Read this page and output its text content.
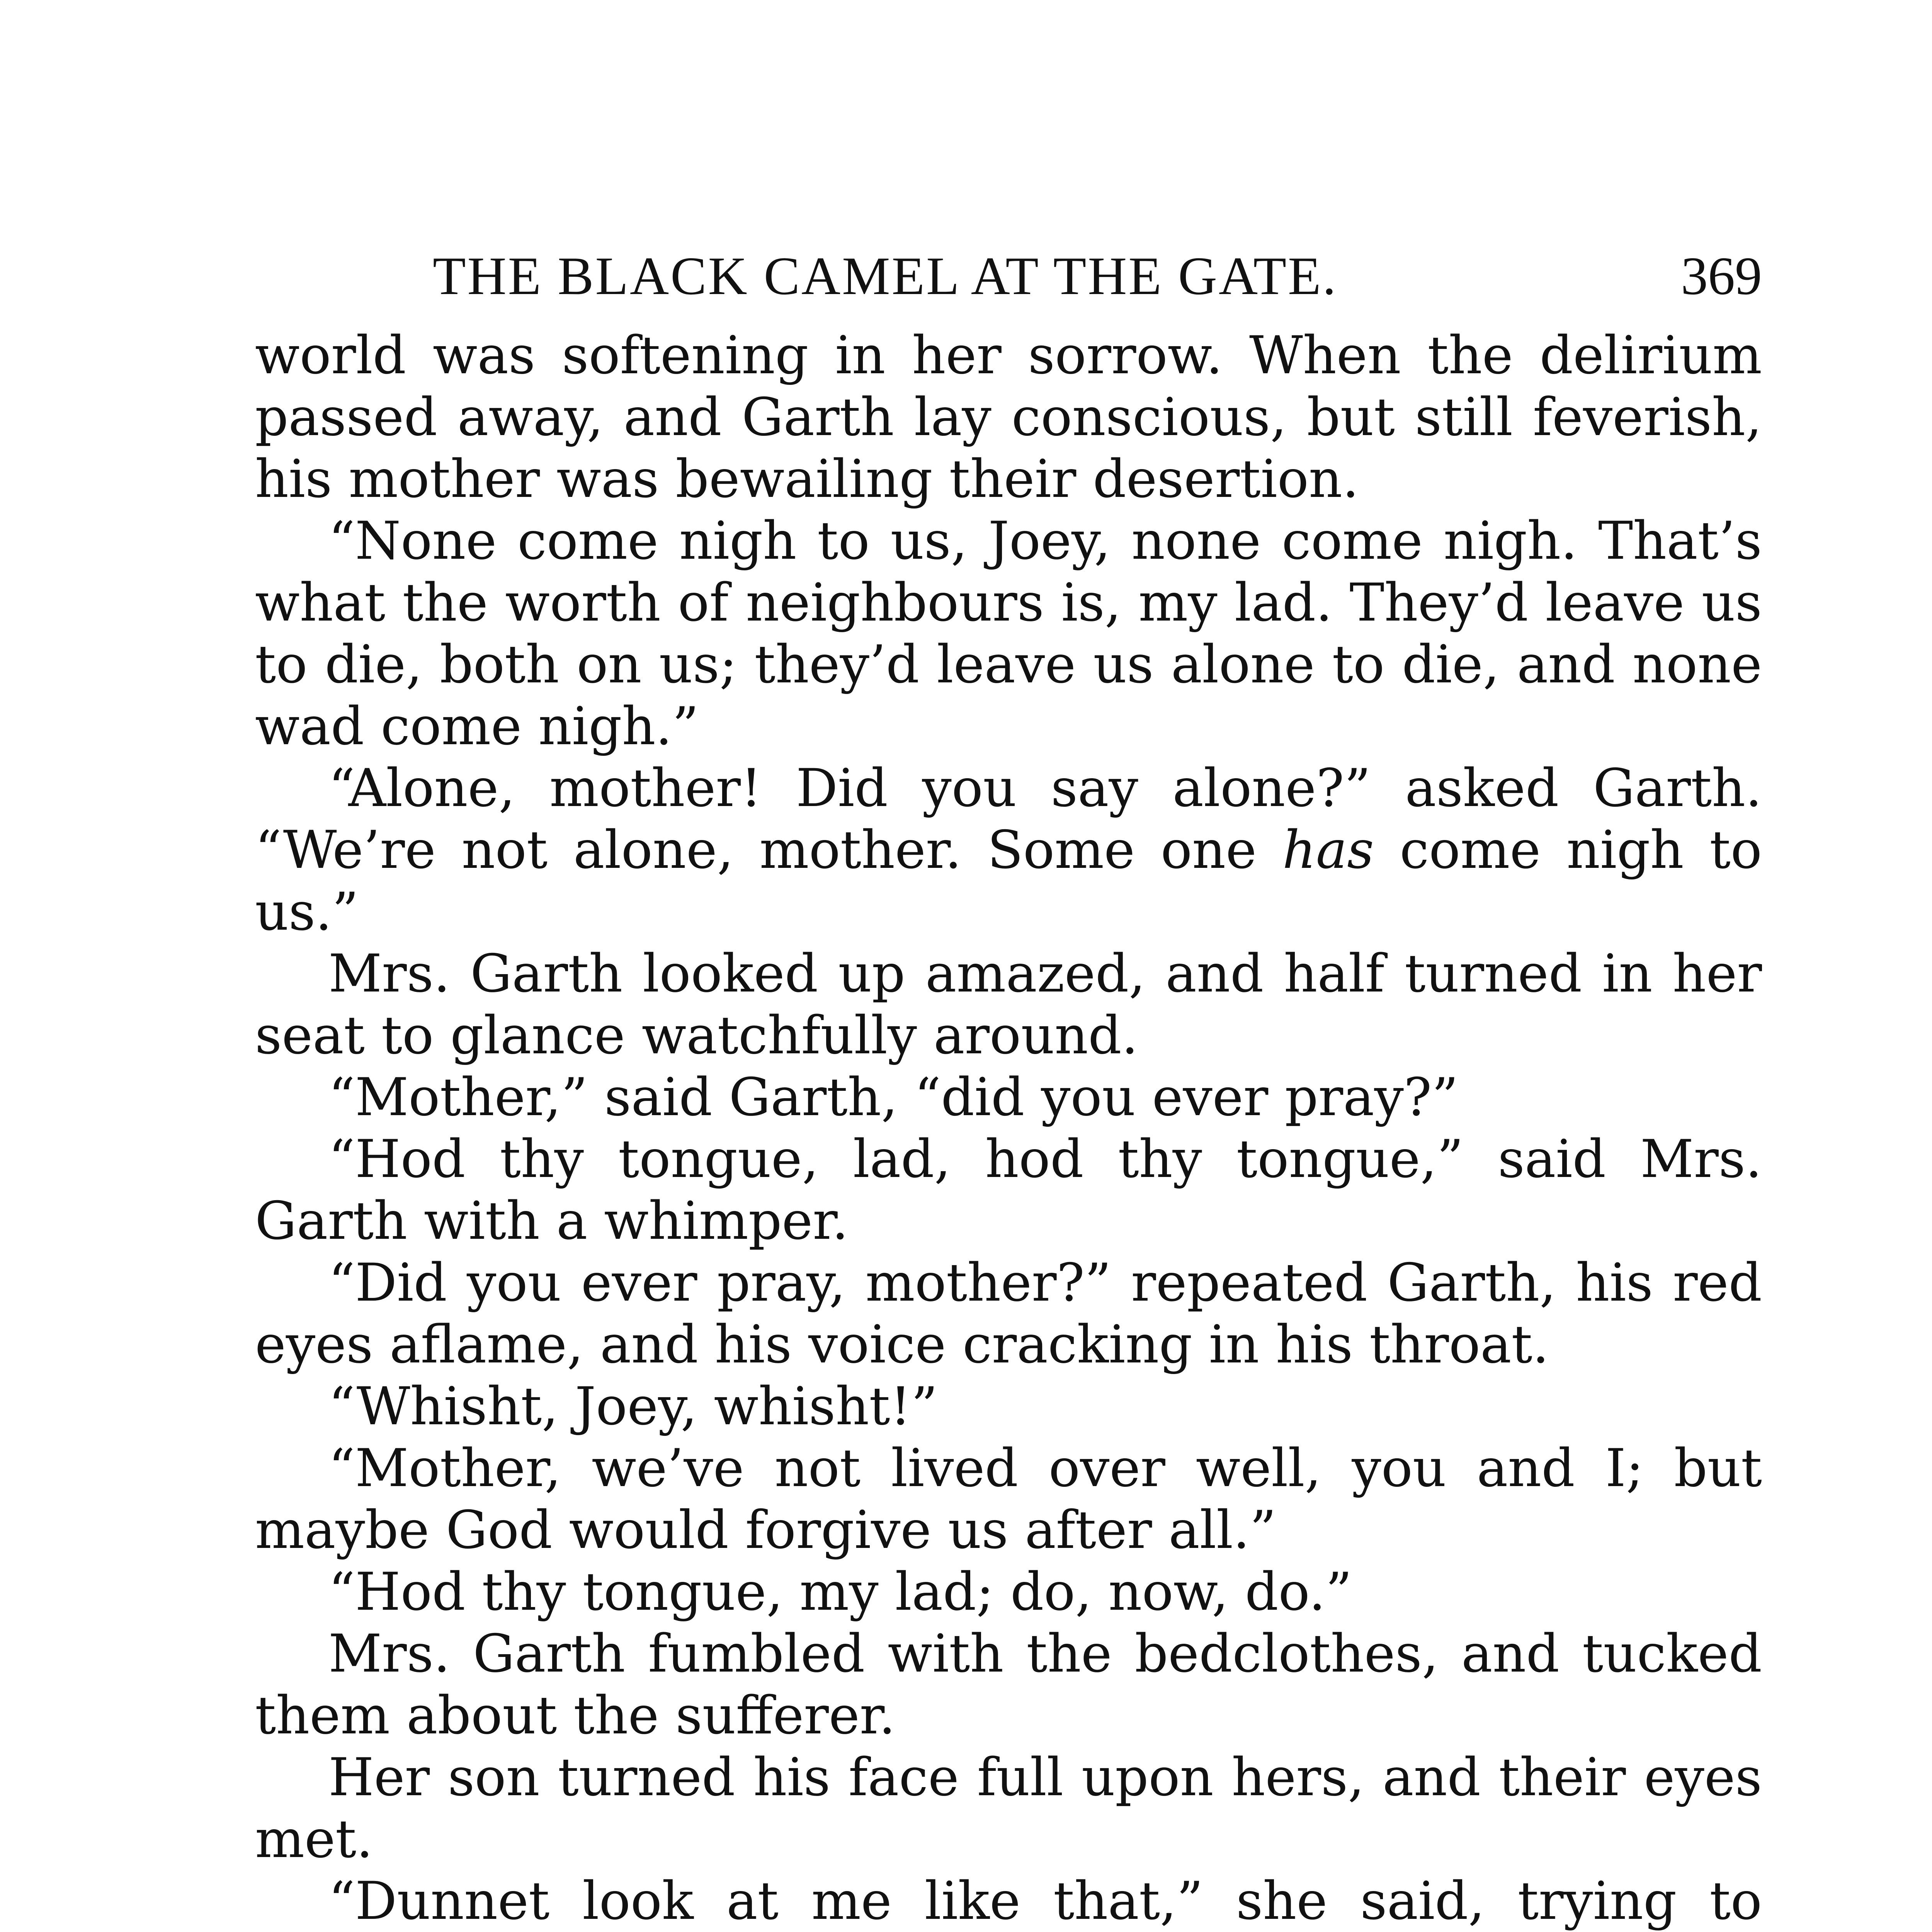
THE BLACK CAMEL AT THE GATE.	369

world was softening in her sorrow. When the delirium passed away, and Garth lay conscious, but still feverish, his mother was bewailing their desertion.

“None come nigh to us, Joey, none come nigh. That’s what the worth of neighbours is, my lad. They’d leave us to die, both on us; they’d leave us alone to die, and none wad come nigh.”

“Alone, mother! Did you say alone?” asked Garth. “We’re not alone, mother. Some one has come nigh to us.”

Mrs. Garth looked up amazed, and half turned in her seat to glance watchfully around.

“Mother,” said Garth, “did you ever pray?”

“Hod thy tongue, lad, hod thy tongue,” said Mrs. Garth with a whimper.

“Did you ever pray, mother?” repeated Garth, his red eyes aflame, and his voice cracking in his throat.

“Whisht, Joey, whisht!”

“Mother, we’ve not lived over well, you and I; but maybe God would forgive us after all.”

“Hod thy tongue, my lad; do, now, do.”

Mrs. Garth fumbled with the bedclothes, and tucked them about the sufferer.

Her son turned his face full upon hers, and their eyes met.

“Dunnet look at me like that,” she said, trying to
